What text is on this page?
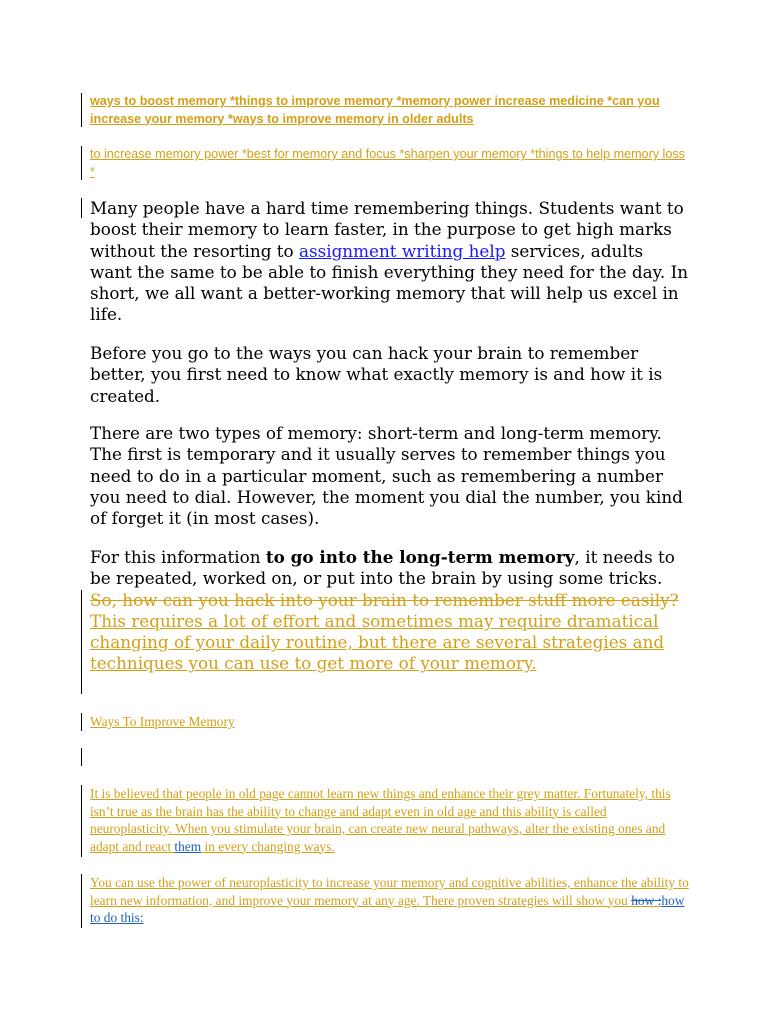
ways to boost memory *things to improve memory *memory power increase medicine *can you increase your memory *ways to improve memory in older adults

to increase memory power *best for memory and focus *sharpen your memory *things to help memory loss *

Many people have a hard time remembering things. Students want to boost their memory to learn faster, in the purpose to get high marks without the resorting to assignment writing help services, adults want the same to be able to finish everything they need for the day. In short, we all want a better-working memory that will help us excel in life.

Before you go to the ways you can hack your brain to remember better, you first need to know what exactly memory is and how it is created.

There are two types of memory: short-term and long-term memory. The first is temporary and it usually serves to remember things you need to do in a particular moment, such as remembering a number you need to dial. However, the moment you dial the number, you kind of forget it (in most cases).

For this information to go into the long-term memory, it needs to be repeated, worked on, or put into the brain by using some tricks. So, how can you hack into your brain to remember stuff more easily? This requires a lot of effort and sometimes may require dramatical changing of your daily routine, but there are several strategies and techniques you can use to get more of your memory.

Ways To Improve Memory

It is believed that people in old page cannot learn new things and enhance their grey matter. Fortunately, this isn’t true as the brain has the ability to change and adapt even in old age and this ability is called neuroplasticity. When you stimulate your brain, can create new neural pathways, alter the existing ones and adapt and react them in every changing ways.

You can use the power of neuroplasticity to increase your memory and cognitive abilities, enhance the ability to learn new information, and improve your memory at any age. There proven strategies will show you how :how to do this:
